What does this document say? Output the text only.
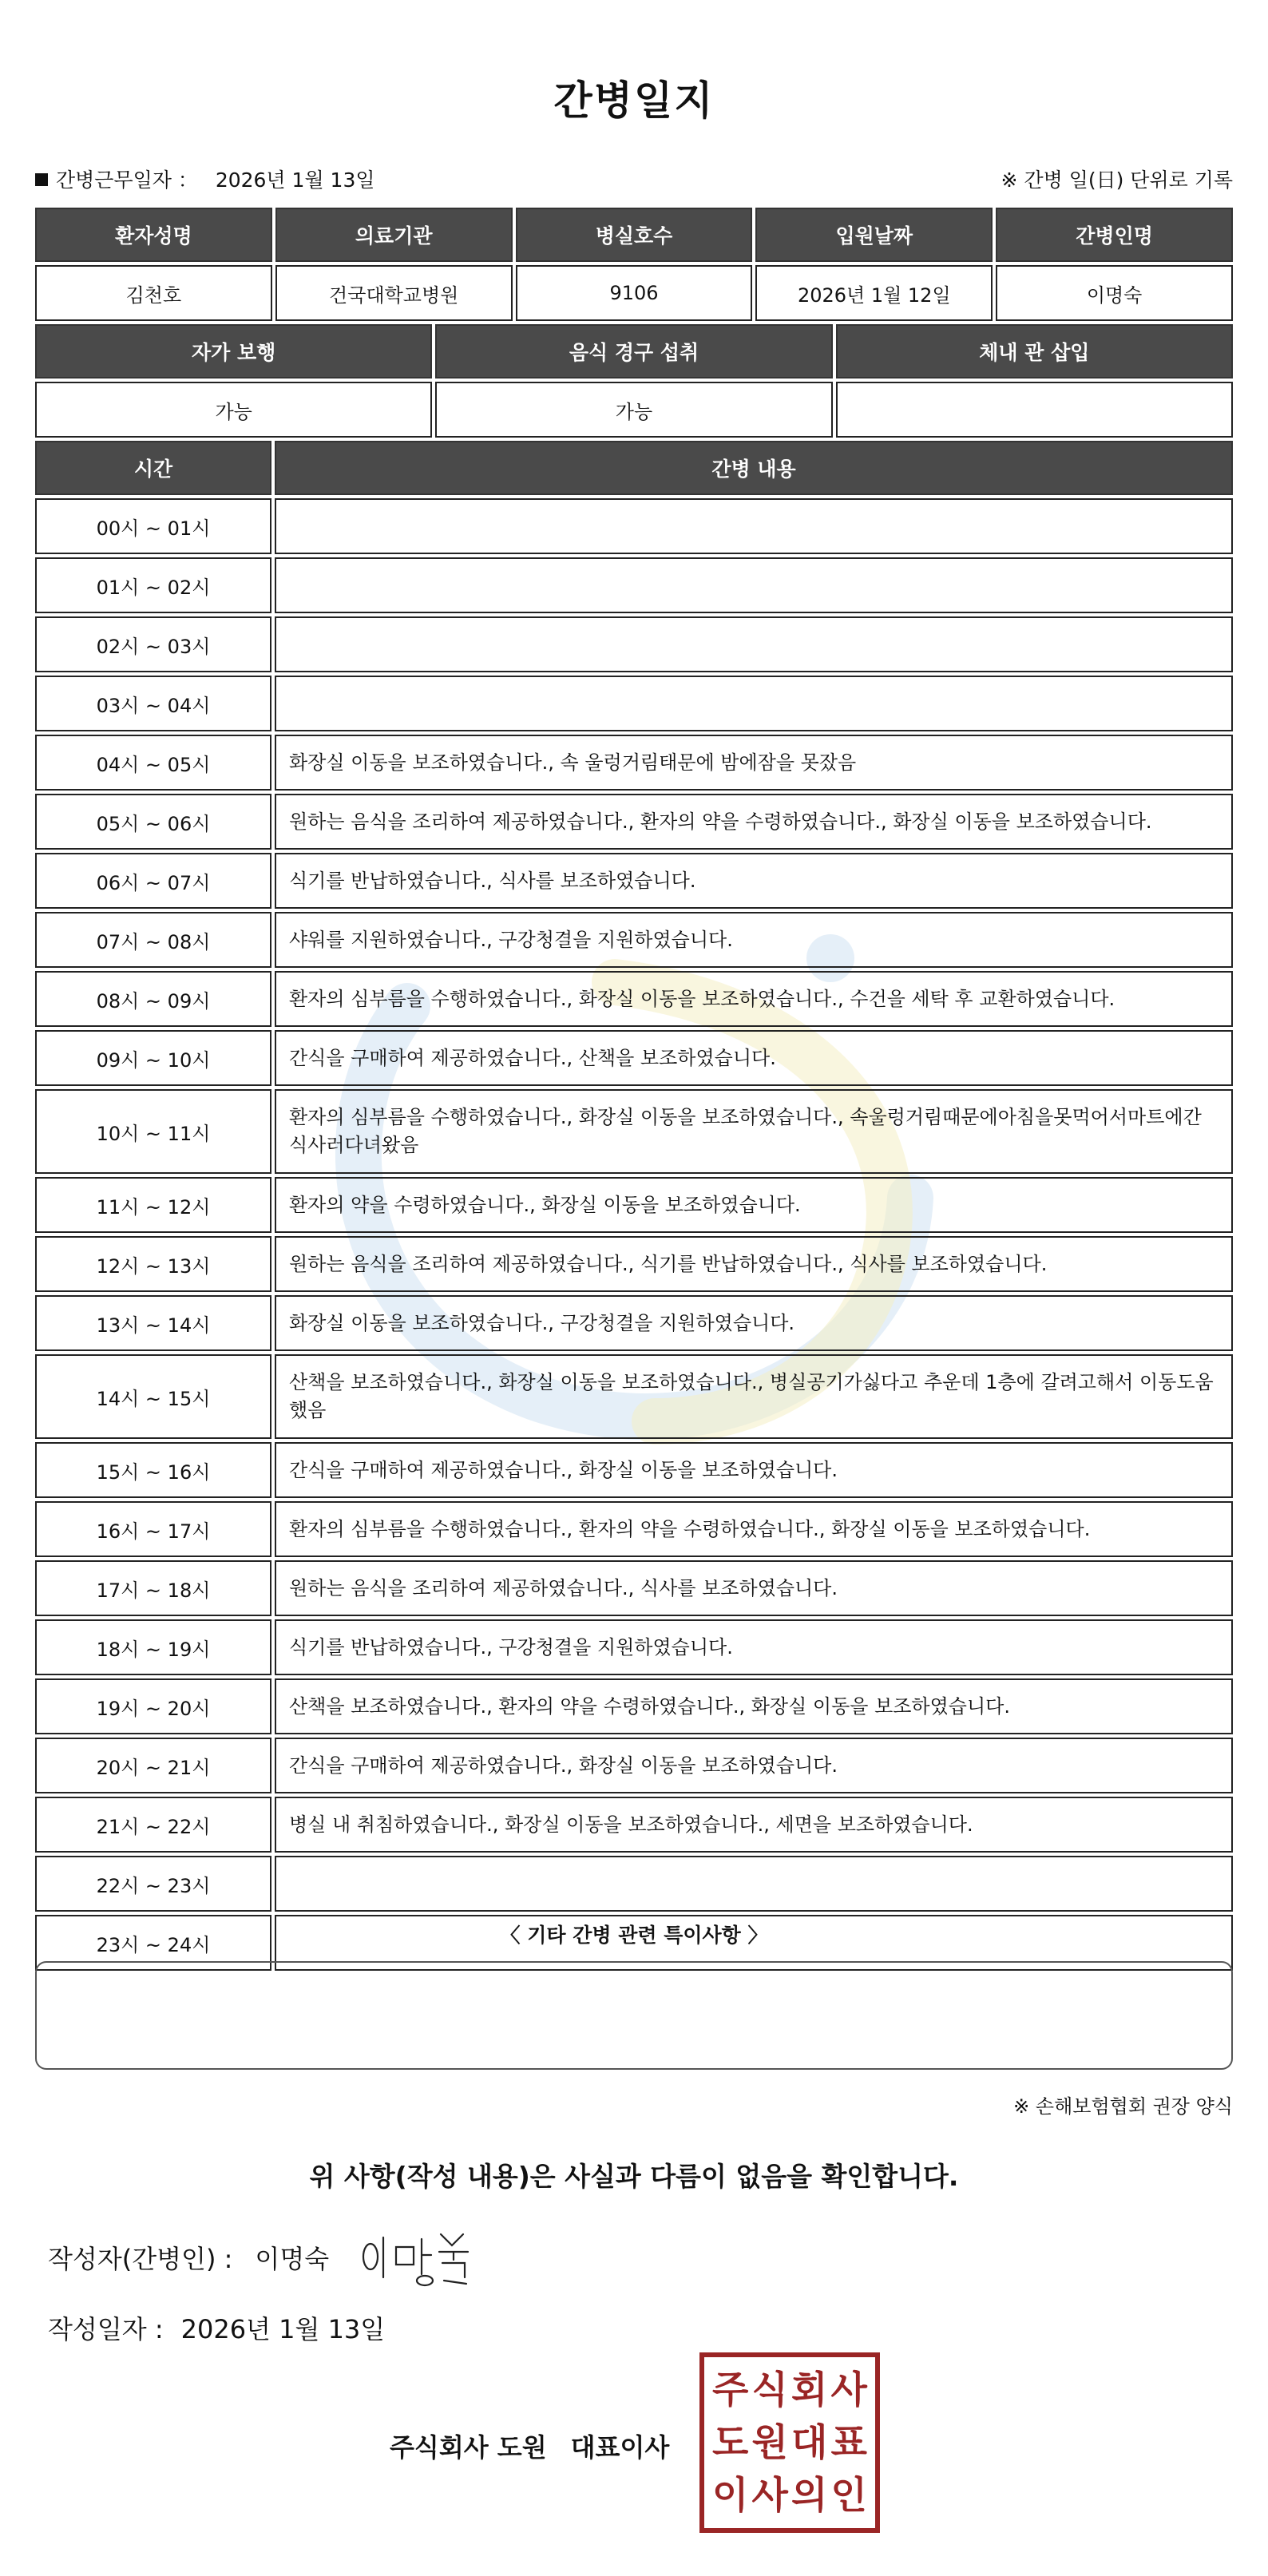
간병일지
간병근무일자 ： 2026년 1월 13일	※ 간병 일(日) 단위로 기록
환자성명	의료기관	병실호수	입원날짜	간병인명
김천호	건국대학교병원	9106	2026년 1월 12일	이명숙
자가 보행	음식 경구 섭취	체내 관 삽입
가능	가능	
시간	간병 내용
00시 ~ 01시	
01시 ~ 02시	
02시 ~ 03시	
03시 ~ 04시	
04시 ~ 05시	화장실 이동을 보조하였습니다., 속 울렁거림태문에 밤에잠을 못잤음
05시 ~ 06시	원하는 음식을 조리하여 제공하였습니다., 환자의 약을 수령하였습니다., 화장실 이동을 보조하였습니다.
06시 ~ 07시	식기를 반납하였습니다., 식사를 보조하였습니다.
07시 ~ 08시	샤워를 지원하였습니다., 구강청결을 지원하였습니다.
08시 ~ 09시	환자의 심부름을 수행하였습니다., 화장실 이동을 보조하였습니다., 수건을 세탁 후 교환하였습니다.
09시 ~ 10시	간식을 구매하여 제공하였습니다., 산책을 보조하였습니다.
10시 ~ 11시	환자의 심부름을 수행하였습니다., 화장실 이동을 보조하였습니다., 속울렁거림때문에아침을못먹어서마트에간식사러다녀왔음
11시 ~ 12시	환자의 약을 수령하였습니다., 화장실 이동을 보조하였습니다.
12시 ~ 13시	원하는 음식을 조리하여 제공하였습니다., 식기를 반납하였습니다., 식사를 보조하였습니다.
13시 ~ 14시	화장실 이동을 보조하였습니다., 구강청결을 지원하였습니다.
14시 ~ 15시	산책을 보조하였습니다., 화장실 이동을 보조하였습니다., 병실공기가싫다고 추운데 1층에 갈려고해서 이동도움했음
15시 ~ 16시	간식을 구매하여 제공하였습니다., 화장실 이동을 보조하였습니다.
16시 ~ 17시	환자의 심부름을 수행하였습니다., 환자의 약을 수령하였습니다., 화장실 이동을 보조하였습니다.
17시 ~ 18시	원하는 음식을 조리하여 제공하였습니다., 식사를 보조하였습니다.
18시 ~ 19시	식기를 반납하였습니다., 구강청결을 지원하였습니다.
19시 ~ 20시	산책을 보조하였습니다., 환자의 약을 수령하였습니다., 화장실 이동을 보조하였습니다.
20시 ~ 21시	간식을 구매하여 제공하였습니다., 화장실 이동을 보조하였습니다.
21시 ~ 22시	병실 내 취침하였습니다., 화장실 이동을 보조하였습니다., 세면을 보조하였습니다.
22시 ~ 23시	
23시 ~ 24시		〈 기타 간병 관련 특이사항 〉
※ 손해보험협회 권장 양식
위 사항(작성 내용)은 사실과 다름이 없음을 확인합니다.
작성자(간병인) : 이명숙
작성일자 : 2026년 1월 13일
주식회사 도원 대표이사
주 식 회 사
도 원 대 표
이 사 의 인
